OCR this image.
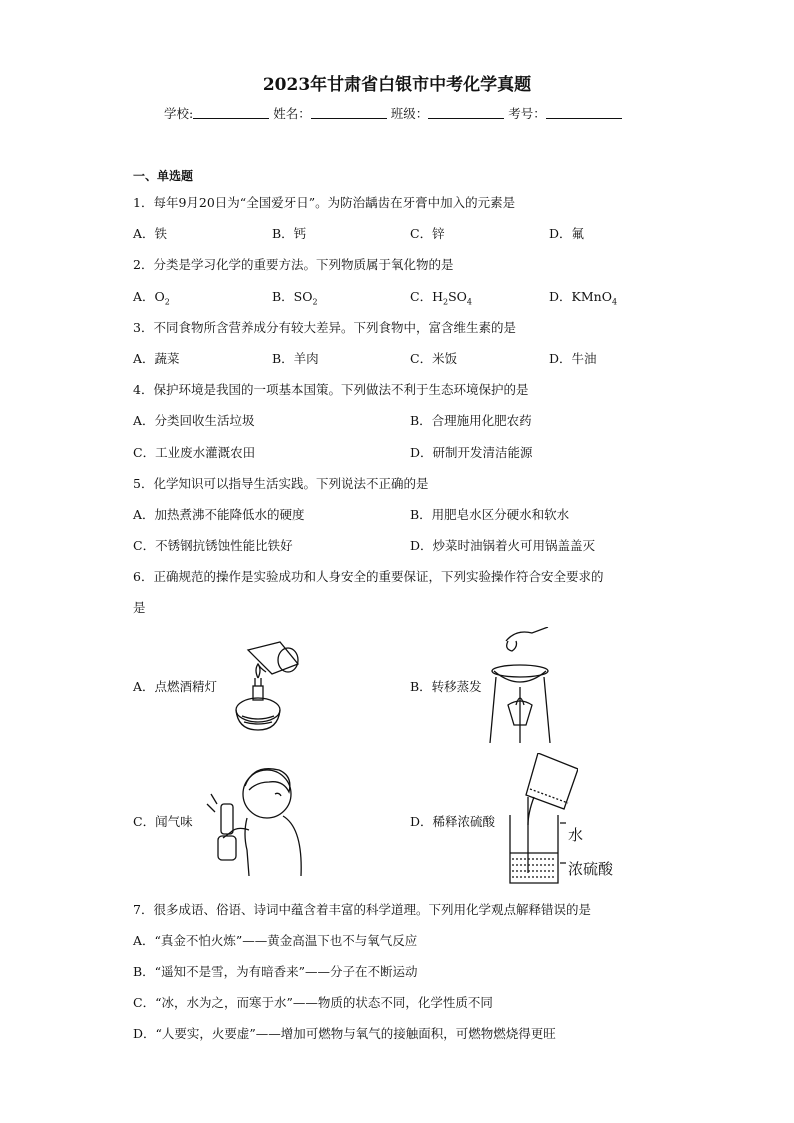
2023年甘肃省白银市中考化学真题
学校:	姓名：	班级：	考号：
一、单选题
1．每年9月20日为“全国爱牙日”。为防治龋齿在牙膏中加入的元素是
A．铁	B．钙	C．锌	D．氟
2．分类是学习化学的重要方法。下列物质属于氧化物的是
A．$O_2$	B．$SO_2$	C．$H_2SO_4$	D．KMnO$_4$
3．不同食物所含营养成分有较大差异。下列食物中，富含维生素的是
A．蔬菜	B．羊肉	C．米饭	D．牛油
4．保护环境是我国的一项基本国策。下列做法不利于生态环境保护的是
A．分类回收生活垃圾	B．合理施用化肥农药
C．工业废水灌溉农田	D．研制开发清洁能源
5．化学知识可以指导生活实践。下列说法不正确的是
A．加热煮沸不能降低水的硬度	B．用肥皂水区分硬水和软水
C．不锈钢抗锈蚀性能比铁好	D．炒菜时油锅着火可用锅盖盖灭
6．正确规范的操作是实验成功和人身安全的重要保证，下列实验操作符合安全要求的
是
A．点燃酒精灯	B．转移蒸发
C．闻气味	D．稀释浓硫酸
水
浓硫酸
7．很多成语、俗语、诗词中蕴含着丰富的科学道理。下列用化学观点解释错误的是
A．“真金不怕火炼”——黄金高温下也不与氧气反应
B．“遥知不是雪，为有暗香来”——分子在不断运动
C．“冰，水为之，而寒于水”——物质的状态不同，化学性质不同
D．“人要实，火要虚”——增加可燃物与氧气的接触面积，可燃物燃烧得更旺
